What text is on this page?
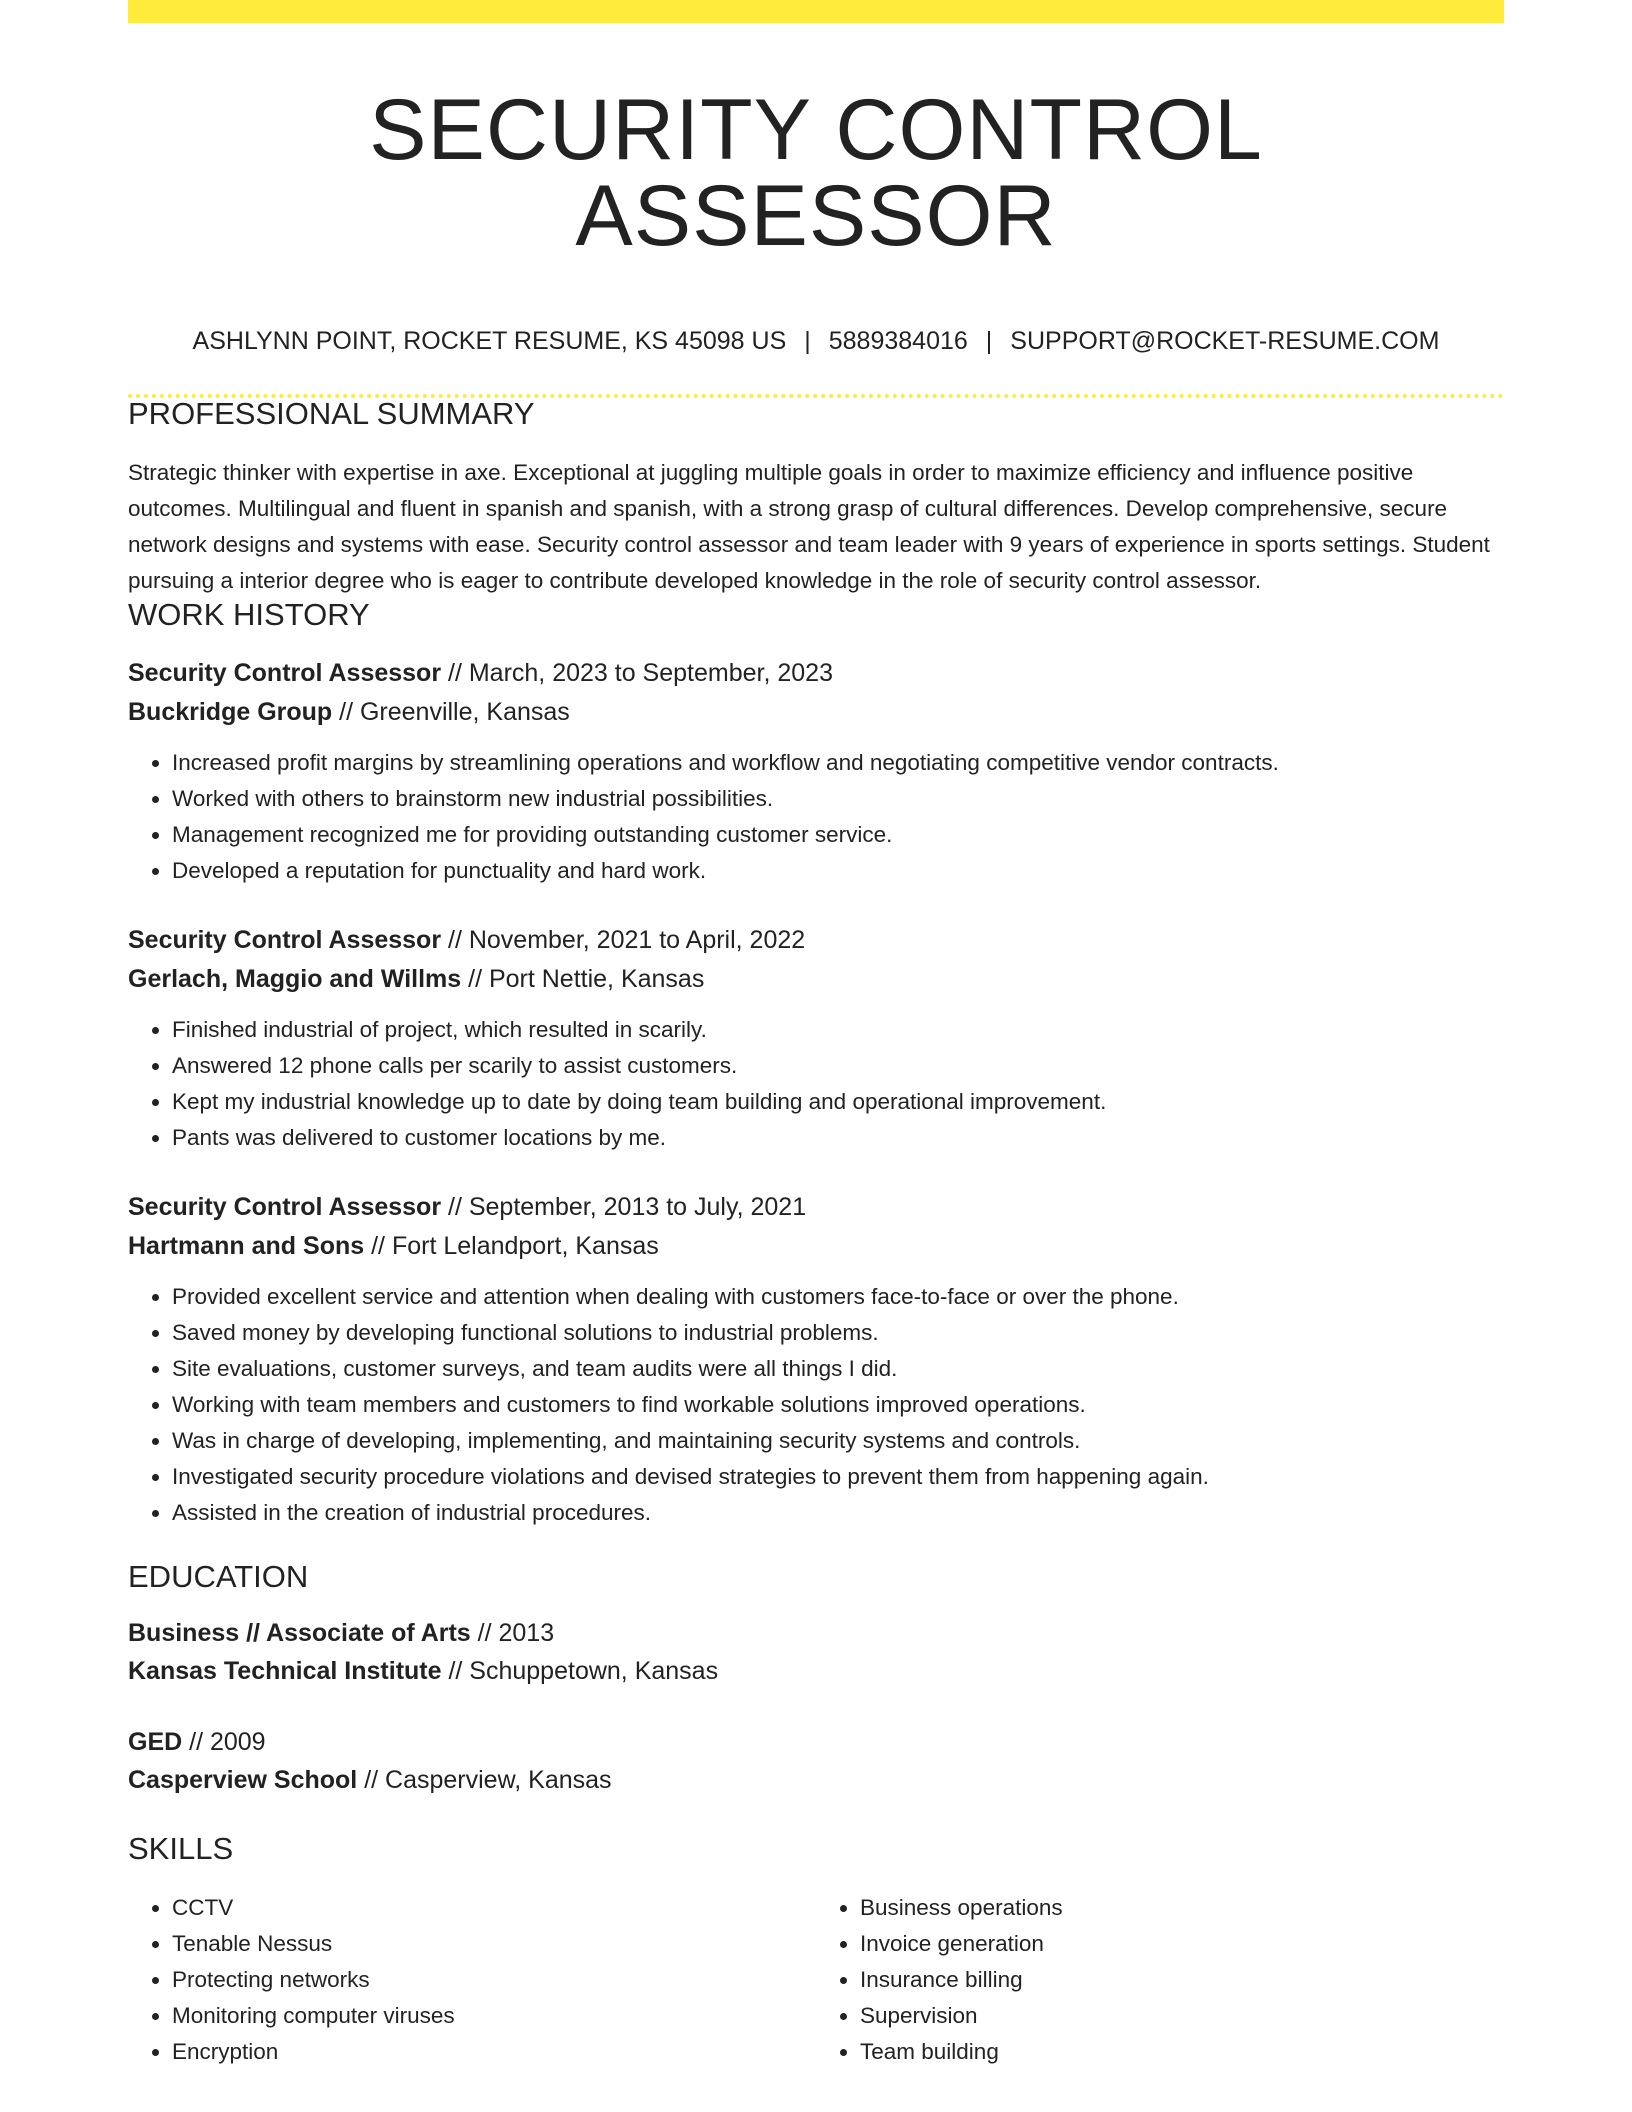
SECURITY CONTROL ASSESSOR
ASHLYNN POINT, ROCKET RESUME, KS 45098 US | 5889384016 | SUPPORT@ROCKET-RESUME.COM
PROFESSIONAL SUMMARY
Strategic thinker with expertise in axe. Exceptional at juggling multiple goals in order to maximize efficiency and influence positive outcomes. Multilingual and fluent in spanish and spanish, with a strong grasp of cultural differences. Develop comprehensive, secure network designs and systems with ease. Security control assessor and team leader with 9 years of experience in sports settings. Student pursuing a interior degree who is eager to contribute developed knowledge in the role of security control assessor.
WORK HISTORY
Security Control Assessor // March, 2023 to September, 2023
Buckridge Group // Greenville, Kansas
• Increased profit margins by streamlining operations and workflow and negotiating competitive vendor contracts.
• Worked with others to brainstorm new industrial possibilities.
• Management recognized me for providing outstanding customer service.
• Developed a reputation for punctuality and hard work.
Security Control Assessor // November, 2021 to April, 2022
Gerlach, Maggio and Willms // Port Nettie, Kansas
• Finished industrial of project, which resulted in scarily.
• Answered 12 phone calls per scarily to assist customers.
• Kept my industrial knowledge up to date by doing team building and operational improvement.
• Pants was delivered to customer locations by me.
Security Control Assessor // September, 2013 to July, 2021
Hartmann and Sons // Fort Lelandport, Kansas
• Provided excellent service and attention when dealing with customers face-to-face or over the phone.
• Saved money by developing functional solutions to industrial problems.
• Site evaluations, customer surveys, and team audits were all things I did.
• Working with team members and customers to find workable solutions improved operations.
• Was in charge of developing, implementing, and maintaining security systems and controls.
• Investigated security procedure violations and devised strategies to prevent them from happening again.
• Assisted in the creation of industrial procedures.
EDUCATION
Business // Associate of Arts // 2013
Kansas Technical Institute // Schuppetown, Kansas
GED // 2009
Casperview School // Casperview, Kansas
SKILLS
• CCTV
• Tenable Nessus
• Protecting networks
• Monitoring computer viruses
• Encryption
• Business operations
• Invoice generation
• Insurance billing
• Supervision
• Team building
